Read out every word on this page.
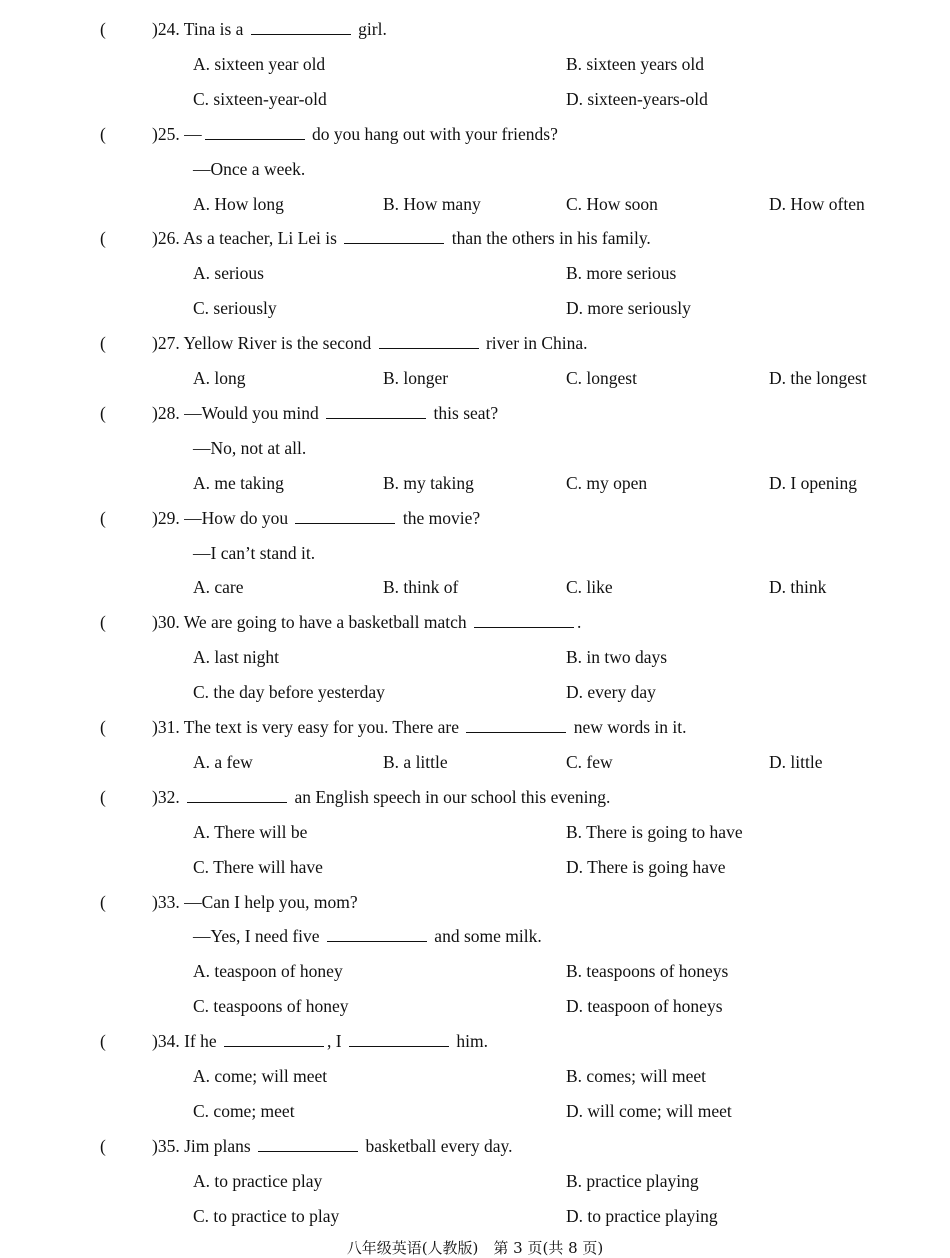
(	)24. Tina is a	girl.
A. sixteen year old	B. sixteen years old
C. sixteen-year-old	D. sixteen-years-old
(	)25. —	do you hang out with your friends?
—Once a week.
A. How long	B. How many	C. How soon	D. How often
(	)26. As a teacher, Li Lei is	than the others in his family.
A. serious	B. more serious
C. seriously	D. more seriously
(	)27. Yellow River is the second	river in China.
A. long	B. longer	C. longest	D. the longest
(	)28. —Would you mind	this seat?
—No, not at all.
A. me taking	B. my taking	C. my open	D. I opening
(	)29. —How do you	the movie?
—I can’t stand it.
A. care	B. think of	C. like	D. think
(	)30. We are going to have a basketball match	.
A. last night	B. in two days
C. the day before yesterday	D. every day
(	)31. The text is very easy for you. There are	new words in it.
A. a few	B. a little	C. few	D. little
(	)32.	an English speech in our school this evening.
A. There will be	B. There is going to have
C. There will have	D. There is going have
(	)33. —Can I help you, mom?
—Yes, I need five	and some milk.
A. teaspoon of honey	B. teaspoons of honeys
C. teaspoons of honey	D. teaspoon of honeys
(	)34. If he	, I	him.
A. come; will meet	B. comes; will meet
C. come; meet	D. will come; will meet
(	)35. Jim plans	basketball every day.
A. to practice play	B. practice playing
C. to practice to play	D. to practice playing
八年级英语(人教版)　第 3 页(共 8 页)
